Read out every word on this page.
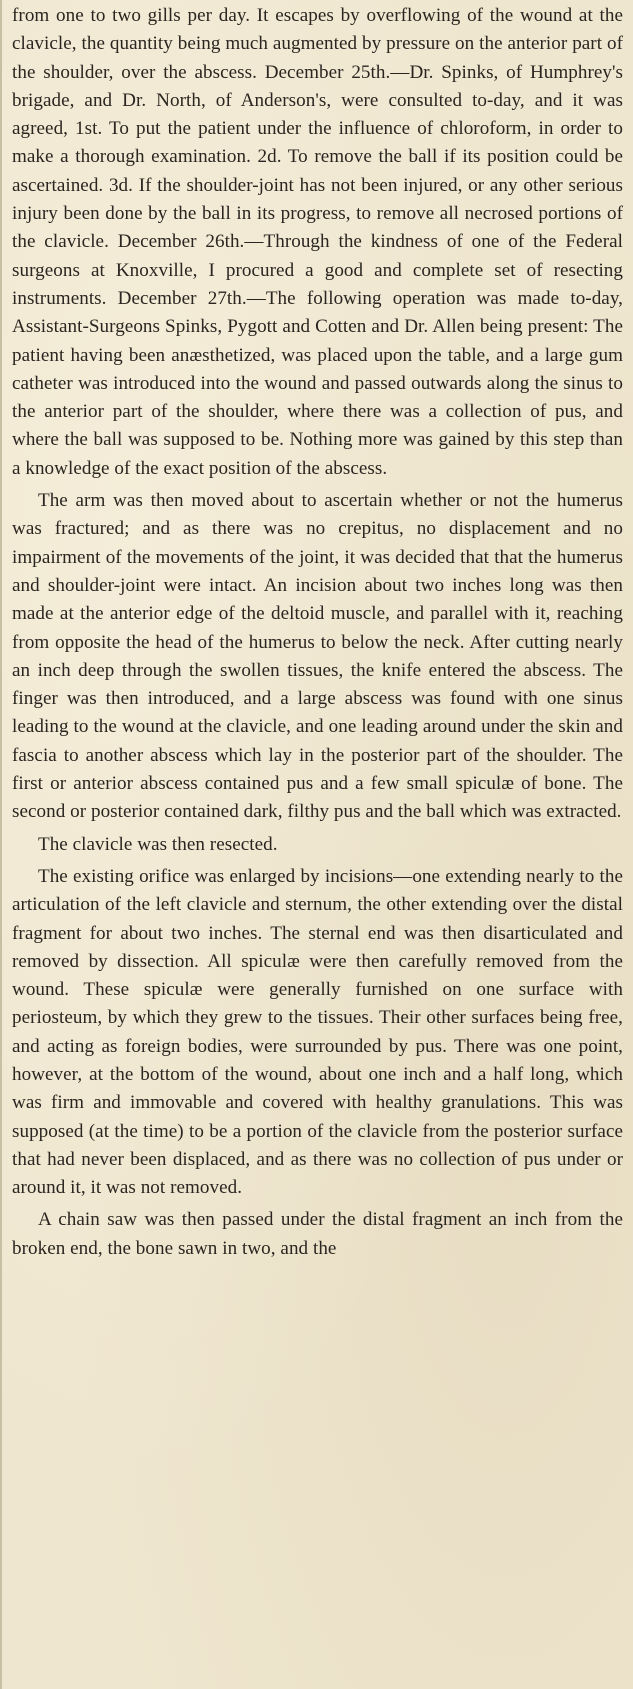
from one to two gills per day. It escapes by overflowing of the wound at the clavicle, the quantity being much augmented by pressure on the anterior part of the shoulder, over the abscess. December 25th.—Dr. Spinks, of Humphrey's brigade, and Dr. North, of Anderson's, were consulted to-day, and it was agreed, 1st. To put the patient under the influence of chloroform, in order to make a thorough examination. 2d. To remove the ball if its position could be ascertained. 3d. If the shoulder-joint has not been injured, or any other serious injury been done by the ball in its progress, to remove all necrosed portions of the clavicle. December 26th.—Through the kindness of one of the Federal surgeons at Knoxville, I procured a good and complete set of resecting instruments. December 27th.—The following operation was made to-day, Assistant-Surgeons Spinks, Pygott and Cotten and Dr. Allen being present: The patient having been anæsthetized, was placed upon the table, and a large gum catheter was introduced into the wound and passed outwards along the sinus to the anterior part of the shoulder, where there was a collection of pus, and where the ball was supposed to be. Nothing more was gained by this step than a knowledge of the exact position of the abscess.

The arm was then moved about to ascertain whether or not the humerus was fractured; and as there was no crepitus, no displacement and no impairment of the movements of the joint, it was decided that that the humerus and shoulder-joint were intact. An incision about two inches long was then made at the anterior edge of the deltoid muscle, and parallel with it, reaching from opposite the head of the humerus to below the neck. After cutting nearly an inch deep through the swollen tissues, the knife entered the abscess. The finger was then introduced, and a large abscess was found with one sinus leading to the wound at the clavicle, and one leading around under the skin and fascia to another abscess which lay in the posterior part of the shoulder. The first or anterior abscess contained pus and a few small spiculæ of bone. The second or posterior contained dark, filthy pus and the ball which was extracted.

The clavicle was then resected.

The existing orifice was enlarged by incisions—one extending nearly to the articulation of the left clavicle and sternum, the other extending over the distal fragment for about two inches. The sternal end was then disarticulated and removed by dissection. All spiculæ were then carefully removed from the wound. These spiculæ were generally furnished on one surface with periosteum, by which they grew to the tissues. Their other surfaces being free, and acting as foreign bodies, were surrounded by pus. There was one point, however, at the bottom of the wound, about one inch and a half long, which was firm and immovable and covered with healthy granulations. This was supposed (at the time) to be a portion of the clavicle from the posterior surface that had never been displaced, and as there was no collection of pus under or around it, it was not removed.

A chain saw was then passed under the distal fragment an inch from the broken end, the bone sawn in two, and the
